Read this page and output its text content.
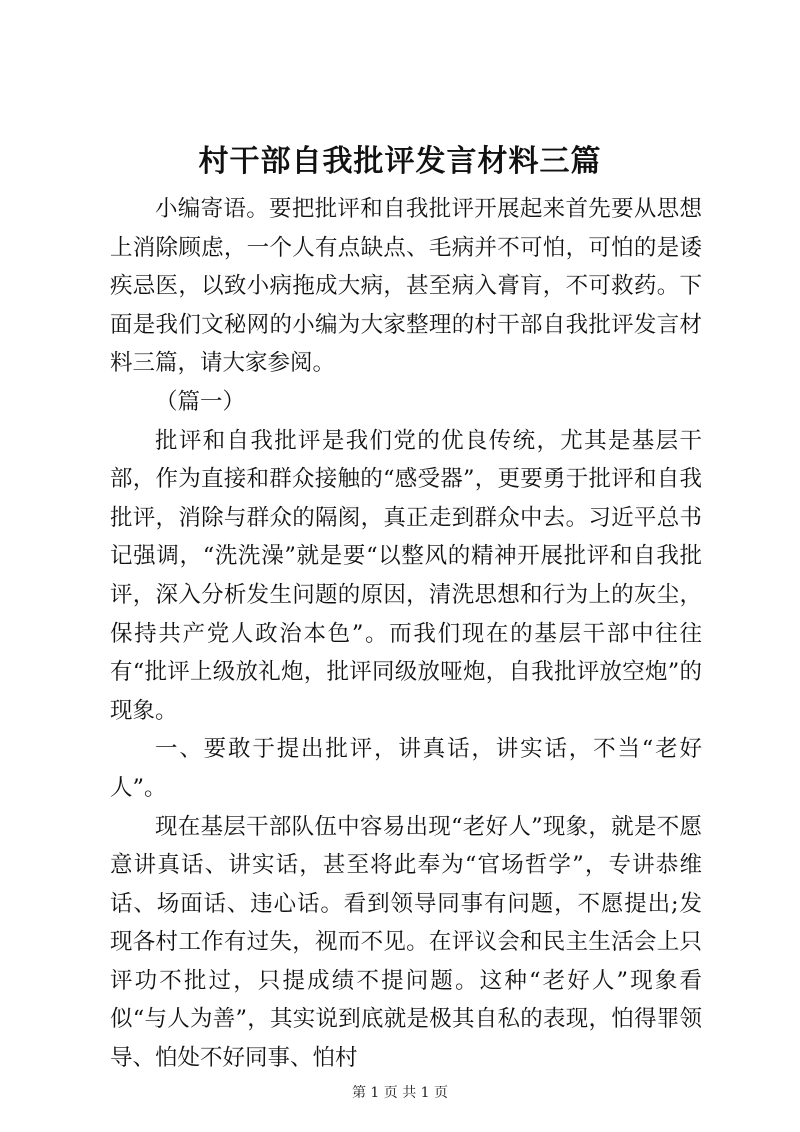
村干部自我批评发言材料三篇

小编寄语。要把批评和自我批评开展起来首先要从思想上消除顾虑，一个人有点缺点、毛病并不可怕，可怕的是诿疾忌医，以致小病拖成大病，甚至病入膏肓，不可救药。下面是我们文秘网的小编为大家整理的村干部自我批评发言材料三篇，请大家参阅。

（篇一）

批评和自我批评是我们党的优良传统，尤其是基层干部，作为直接和群众接触的“感受器”，更要勇于批评和自我批评，消除与群众的隔阂，真正走到群众中去。习近平总书记强调，“洗洗澡”就是要“以整风的精神开展批评和自我批评，深入分析发生问题的原因，清洗思想和行为上的灰尘，保持共产党人政治本色”。而我们现在的基层干部中往往有“批评上级放礼炮，批评同级放哑炮，自我批评放空炮”的现象。

一、要敢于提出批评，讲真话，讲实话，不当“老好人”。

现在基层干部队伍中容易出现“老好人”现象，就是不愿意讲真话、讲实话，甚至将此奉为“官场哲学”，专讲恭维话、场面话、违心话。看到领导同事有问题，不愿提出;发现各村工作有过失，视而不见。在评议会和民主生活会上只评功不批过，只提成绩不提问题。这种“老好人”现象看似“与人为善”，其实说到底就是极其自私的表现，怕得罪领导、怕处不好同事、怕村

第 1 页 共 1 页
